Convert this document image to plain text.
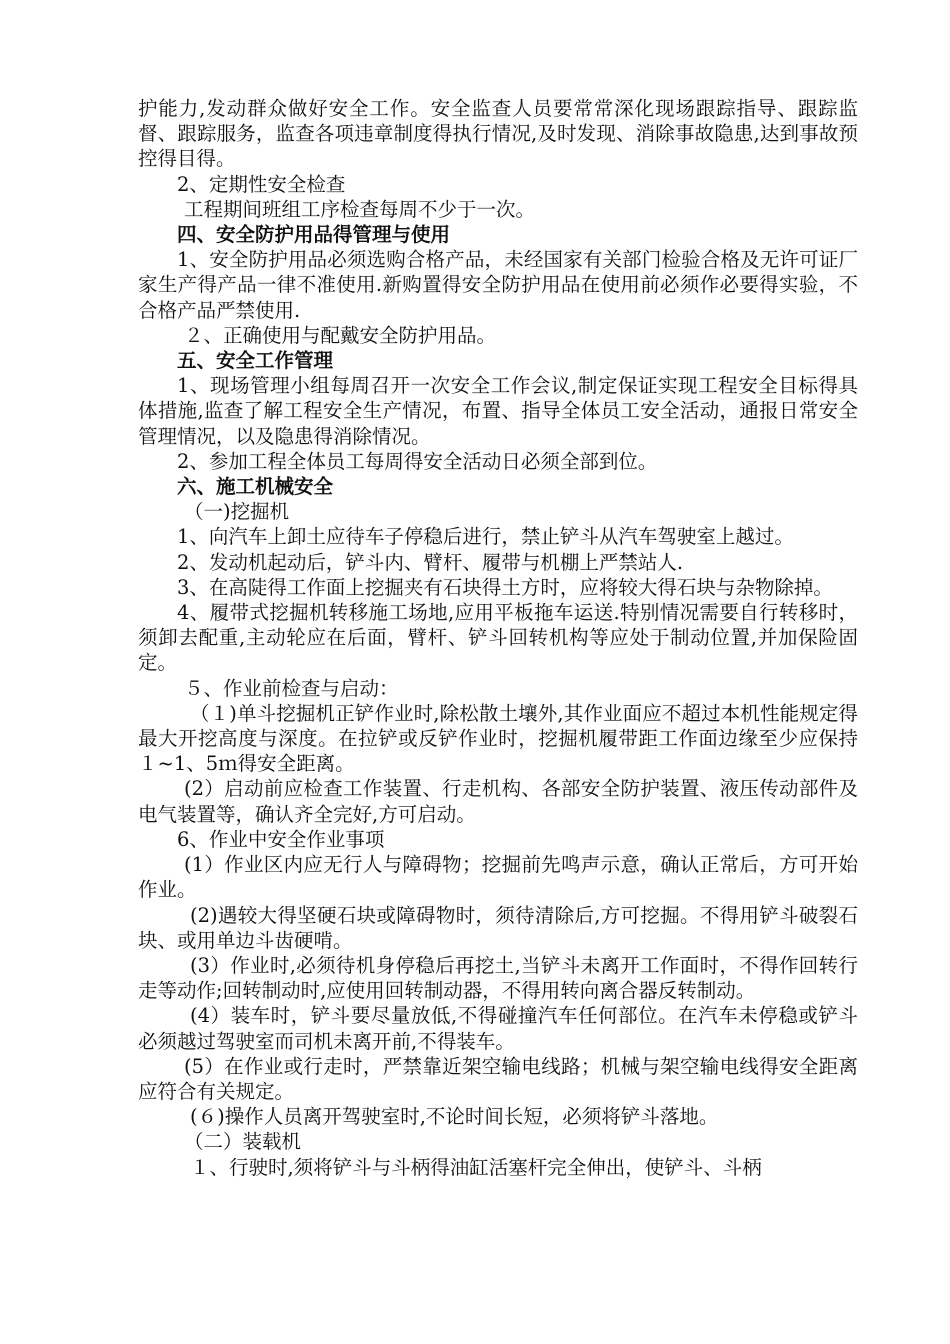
护能力,发动群众做好安全工作。安全监查人员要常常深化现场跟踪指导、跟踪监督、跟踪服务，监查各项违章制度得执行情况,及时发现、消除事故隐患,达到事故预控得目得。

2、定期性安全检查

工程期间班组工序检查每周不少于一次。

四、安全防护用品得管理与使用

1、安全防护用品必须选购合格产品，未经国家有关部门检验合格及无许可证厂家生产得产品一律不准使用.新购置得安全防护用品在使用前必须作必要得实验，不合格产品严禁使用.

２、正确使用与配戴安全防护用品。

五、安全工作管理

1、现场管理小组每周召开一次安全工作会议,制定保证实现工程安全目标得具体措施,监查了解工程安全生产情况，布置、指导全体员工安全活动，通报日常安全管理情况，以及隐患得消除情况。

2、参加工程全体员工每周得安全活动日必须全部到位。

六、施工机械安全

（一)挖掘机

1、向汽车上卸土应待车子停稳后进行，禁止铲斗从汽车驾驶室上越过。

2、发动机起动后，铲斗内、臂杆、履带与机棚上严禁站人.

3、在高陡得工作面上挖掘夹有石块得土方时，应将较大得石块与杂物除掉。

4、履带式挖掘机转移施工场地,应用平板拖车运送.特别情况需要自行转移时，须卸去配重,主动轮应在后面，臂杆、铲斗回转机构等应处于制动位置,并加保险固定。

５、作业前检查与启动：

（１)单斗挖掘机正铲作业时,除松散土壤外,其作业面应不超过本机性能规定得最大开挖高度与深度。在拉铲或反铲作业时，挖掘机履带距工作面边缘至少应保持１~1、5ｍ得安全距离。

(2）启动前应检查工作装置、行走机构、各部安全防护装置、液压传动部件及电气装置等，确认齐全完好,方可启动。

6、作业中安全作业事项

(1）作业区内应无行人与障碍物；挖掘前先鸣声示意，确认正常后，方可开始作业。

(2)遇较大得坚硬石块或障碍物时，须待清除后,方可挖掘。不得用铲斗破裂石块、或用单边斗齿硬啃。

(3）作业时,必须待机身停稳后再挖土,当铲斗未离开工作面时，不得作回转行走等动作;回转制动时,应使用回转制动器，不得用转向离合器反转制动。

(4）装车时，铲斗要尽量放低,不得碰撞汽车任何部位。在汽车未停稳或铲斗必须越过驾驶室而司机未离开前,不得装车。

(5）在作业或行走时，严禁靠近架空输电线路；机械与架空输电线得安全距离应符合有关规定。

(６)操作人员离开驾驶室时,不论时间长短，必须将铲斗落地。

（二）装载机

１、行驶时,须将铲斗与斗柄得油缸活塞杆完全伸出，使铲斗、斗柄
